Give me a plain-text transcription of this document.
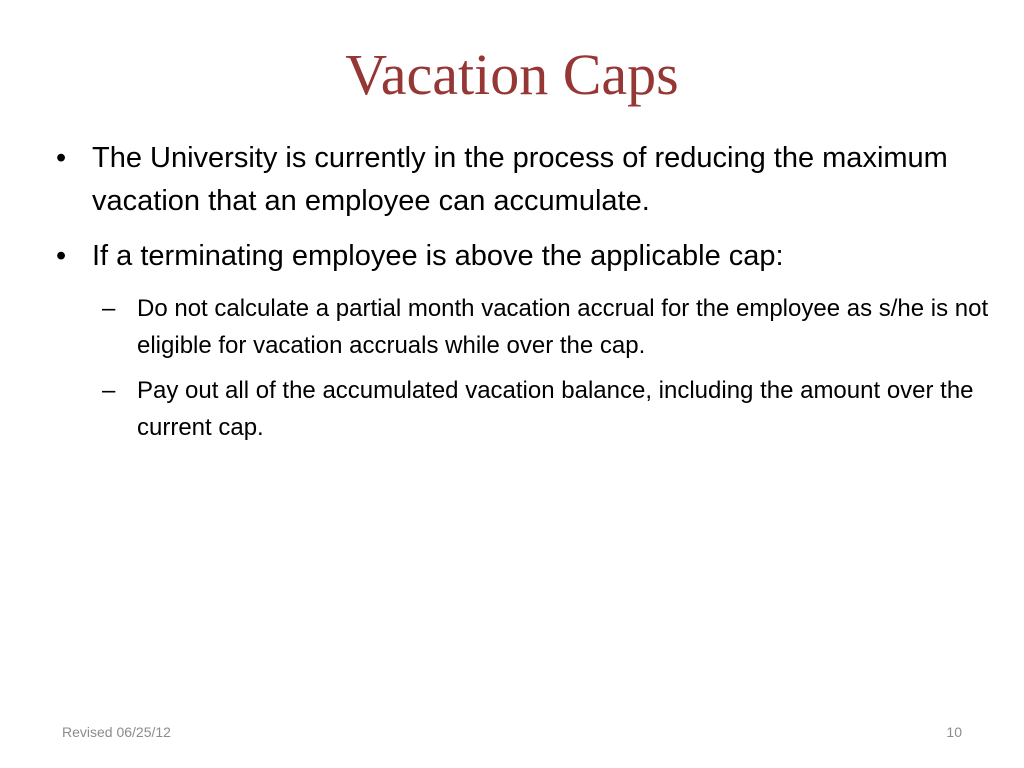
Vacation Caps
• The University is currently in the process of reducing the maximum vacation that an employee can accumulate.
• If a terminating employee is above the applicable cap:
– Do not calculate a partial month vacation accrual for the employee as s/he is not eligible for vacation accruals while over the cap.
– Pay out all of the accumulated vacation balance, including the amount over the current cap.
Revised 06/25/12	10
